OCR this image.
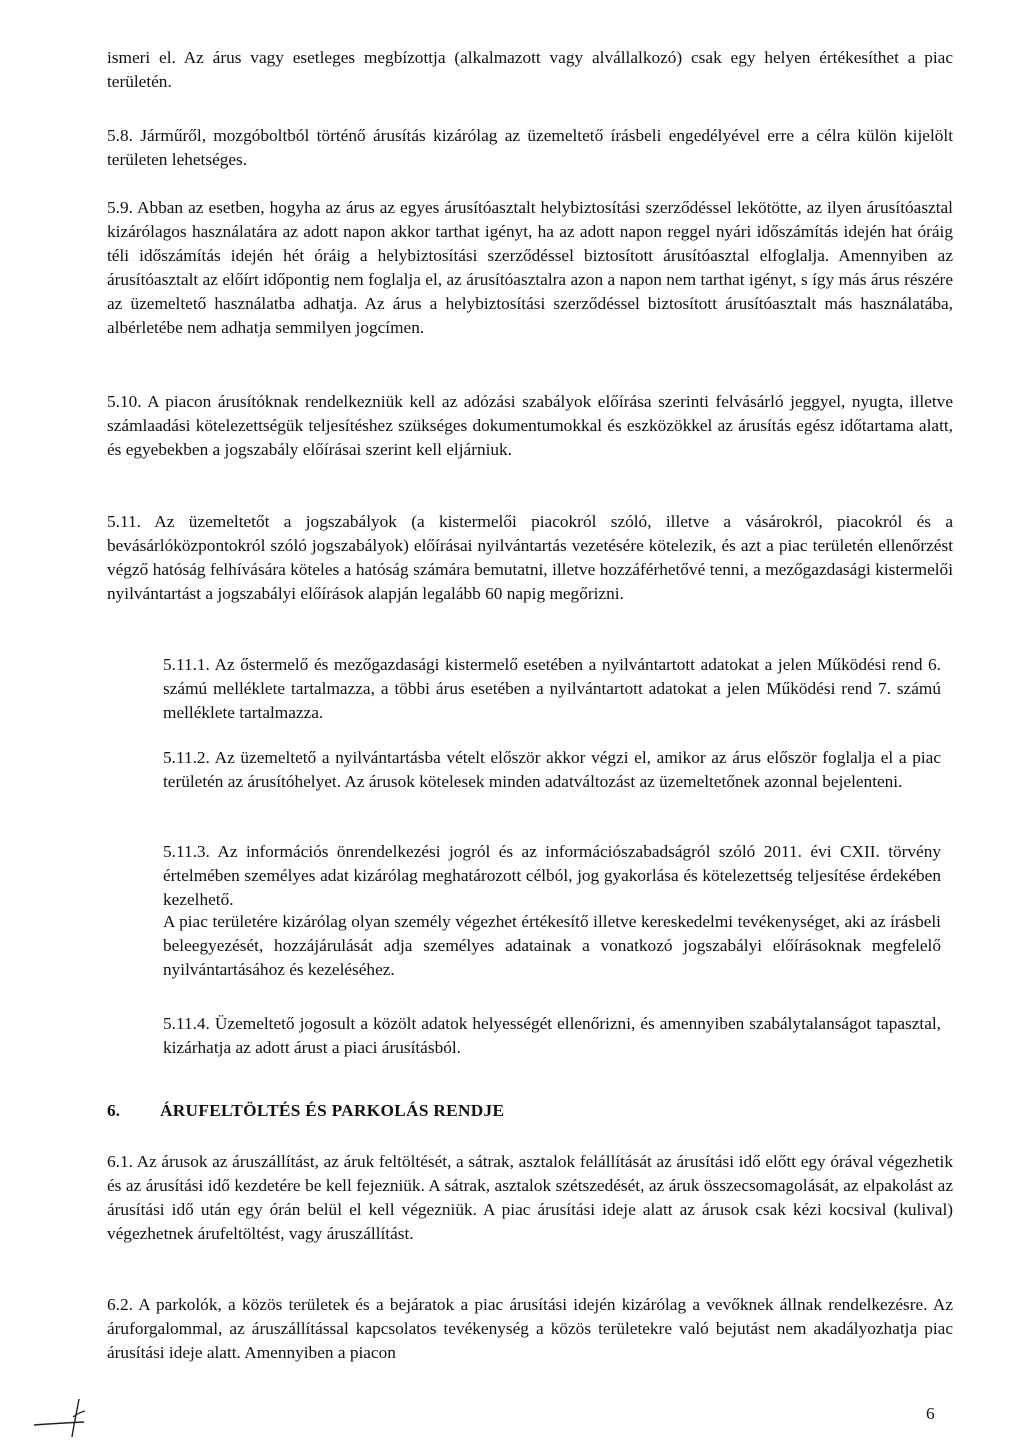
ismeri el. Az árus vagy esetleges megbízottja (alkalmazott vagy alvállalkozó) csak egy helyen értékesíthet a piac területén.

5.8. Járműről, mozgóboltból történő árusítás kizárólag az üzemeltető írásbeli engedélyével erre a célra külön kijelölt területen lehetséges.

5.9. Abban az esetben, hogyha az árus az egyes árusítóasztalt helybiztosítási szerződéssel lekötötte, az ilyen árusítóasztal kizárólagos használatára az adott napon akkor tarthat igényt, ha az adott napon reggel nyári időszámítás idején hat óráig téli időszámítás idején hét óráig a helybiztosítási szerződéssel biztosított árusítóasztal elfoglalja. Amennyiben az árusítóasztalt az előírt időpontig nem foglalja el, az árusítóasztalra azon a napon nem tarthat igényt, s így más árus részére az üzemeltető használatba adhatja. Az árus a helybiztosítási szerződéssel biztosított árusítóasztalt más használatába, albérletébe nem adhatja semmilyen jogcímen.

5.10. A piacon árusítóknak rendelkezniük kell az adózási szabályok előírása szerinti felvásárló jeggyel, nyugta, illetve számlaadási kötelezettségük teljesítéshez szükséges dokumentumokkal és eszközökkel az árusítás egész időtartama alatt, és egyebekben a jogszabály előírásai szerint kell eljárniuk.

5.11. Az üzemeltetőt a jogszabályok (a kistermelői piacokról szóló, illetve a vásárokról, piacokról és a bevásárlóközpontokról szóló jogszabályok) előírásai nyilvántartás vezetésére kötelezik, és azt a piac területén ellenőrzést végző hatóság felhívására köteles a hatóság számára bemutatni, illetve hozzáférhetővé tenni, a mezőgazdasági kistermelői nyilvántartást a jogszabályi előírások alapján legalább 60 napig megőrizni.

5.11.1. Az őstermelő és mezőgazdasági kistermelő esetében a nyilvántartott adatokat a jelen Működési rend 6. számú melléklete tartalmazza, a többi árus esetében a nyilvántartott adatokat a jelen Működési rend 7. számú melléklete tartalmazza.

5.11.2. Az üzemeltető a nyilvántartásba vételt először akkor végzi el, amikor az árus először foglalja el a piac területén az árusítóhelyet. Az árusok kötelesek minden adatváltozást az üzemeltetőnek azonnal bejelenteni.

5.11.3. Az információs önrendelkezési jogról és az információszabadságról szóló 2011. évi CXII. törvény értelmében személyes adat kizárólag meghatározott célból, jog gyakorlása és kötelezettség teljesítése érdekében kezelhető.

A piac területére kizárólag olyan személy végezhet értékesítő illetve kereskedelmi tevékenységet, aki az írásbeli beleegyezését, hozzájárulását adja személyes adatainak a vonatkozó jogszabályi előírásoknak megfelelő nyilvántartásához és kezeléséhez.

5.11.4. Üzemeltető jogosult a közölt adatok helyességét ellenőrizni, és amennyiben szabálytalanságot tapasztal, kizárhatja az adott árust a piaci árusításból.

6.	ÁRUFELTÖLTÉS ÉS PARKOLÁS RENDJE

6.1. Az árusok az áruszállítást, az áruk feltöltését, a sátrak, asztalok felállítását az árusítási idő előtt egy órával végezhetik és az árusítási idő kezdetére be kell fejezniük. A sátrak, asztalok szétszedését, az áruk összecsomagolását, az elpakolást az árusítási idő után egy órán belül el kell végezniük. A piac árusítási ideje alatt az árusok csak kézi kocsival (kulival) végezhetnek árufeltöltést, vagy áruszállítást.

6.2. A parkolók, a közös területek és a bejáratok a piac árusítási idején kizárólag a vevőknek állnak rendelkezésre. Az áruforgalommal, az áruszállítással kapcsolatos tevékenység a közös területekre való bejutást nem akadályozhatja piac árusítási ideje alatt. Amennyiben a piacon

6
